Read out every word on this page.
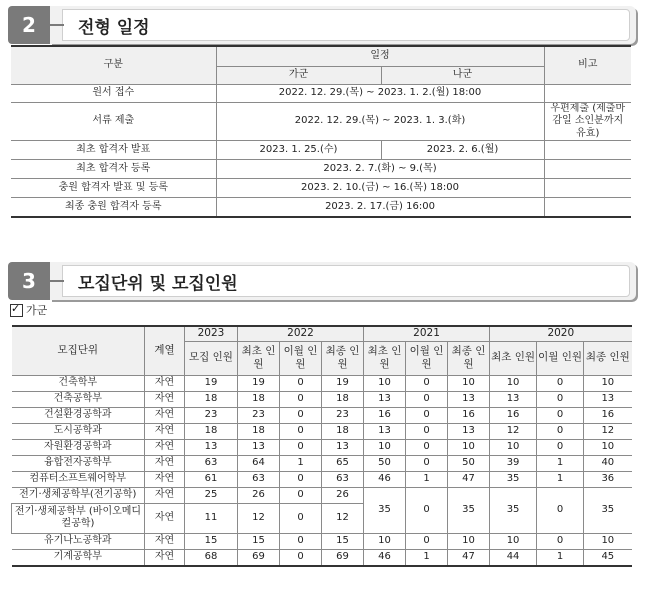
2	전형 일정
구분	일정		비고
	가군	나군	
원서 접수	2022. 12. 29.(목) ~ 2023. 1. 2.(월) 18:00		
서류 제출	2022. 12. 29.(목) ~ 2023. 1. 3.(화)		우편제출 (제출마감일 소인분까지 유효)
최초 합격자 발표	2023. 1. 25.(수)	2023. 2. 6.(월)	
최초 합격자 등록	2023. 2. 7.(화) ~ 9.(목)		
충원 합격자 발표 및 등록	2023. 2. 10.(금) ~ 16.(목) 18:00		
최종 충원 합격자 등록	2023. 2. 17.(금) 16:00		
3	모집단위 및 모집인원
✓
가군
모집단위	계열	2023	2022			2021			2020		
		모집 인원	최초 인원	이월 인원	최종 인원	최초 인원	이월 인원	최종 인원	최초 인원	이월 인원	최종 인원
건축학부	자연	19	19	0	19	10	0	10	10	0	10
건축공학부	자연	18	18	0	18	13	0	13	13	0	13
건설환경공학과	자연	23	23	0	23	16	0	16	16	0	16
도시공학과	자연	18	18	0	18	13	0	13	12	0	12
자원환경공학과	자연	13	13	0	13	10	0	10	10	0	10
융합전자공학부	자연	63	64	1	65	50	0	50	39	1	40
컴퓨터소프트웨어학부	자연	61	63	0	63	46	1	47	35	1	36
전기·생체공학부(전기공학)	자연	25	26	0	26	35	0	35	35	0	35
전기·생체공학부 (바이오메디컬공학)	자연	11	12	0	12						
유기나노공학과	자연	15	15	0	15	10	0	10	10	0	10
기계공학부	자연	68	69	0	69	46	1	47	44	1	45
